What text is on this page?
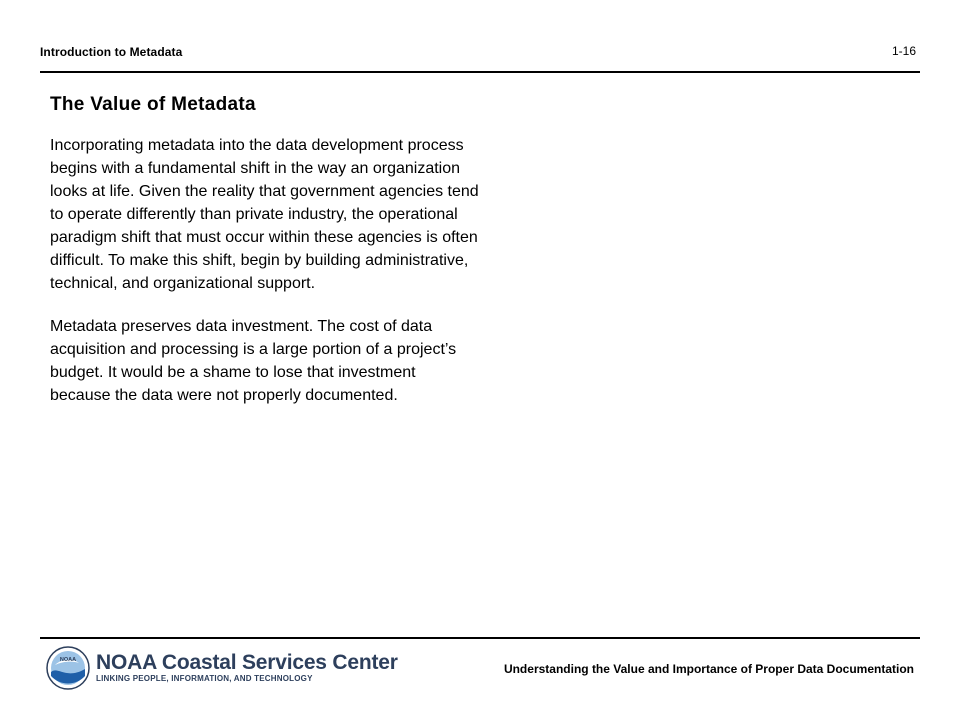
Introduction to Metadata	1-16
The Value of Metadata

Incorporating metadata into the data development process begins with a fundamental shift in the way an organization looks at life. Given the reality that government agencies tend to operate differently than private industry, the operational paradigm shift that must occur within these agencies is often difficult. To make this shift, begin by building administrative, technical, and organizational support.

Metadata preserves data investment. The cost of data acquisition and processing is a large portion of a project’s budget. It would be a shame to lose that investment because the data were not properly documented.

NOAA NOAA Coastal Services Center
LINKING PEOPLE, INFORMATION, AND TECHNOLOGY
Understanding the Value and Importance of Proper Data Documentation
